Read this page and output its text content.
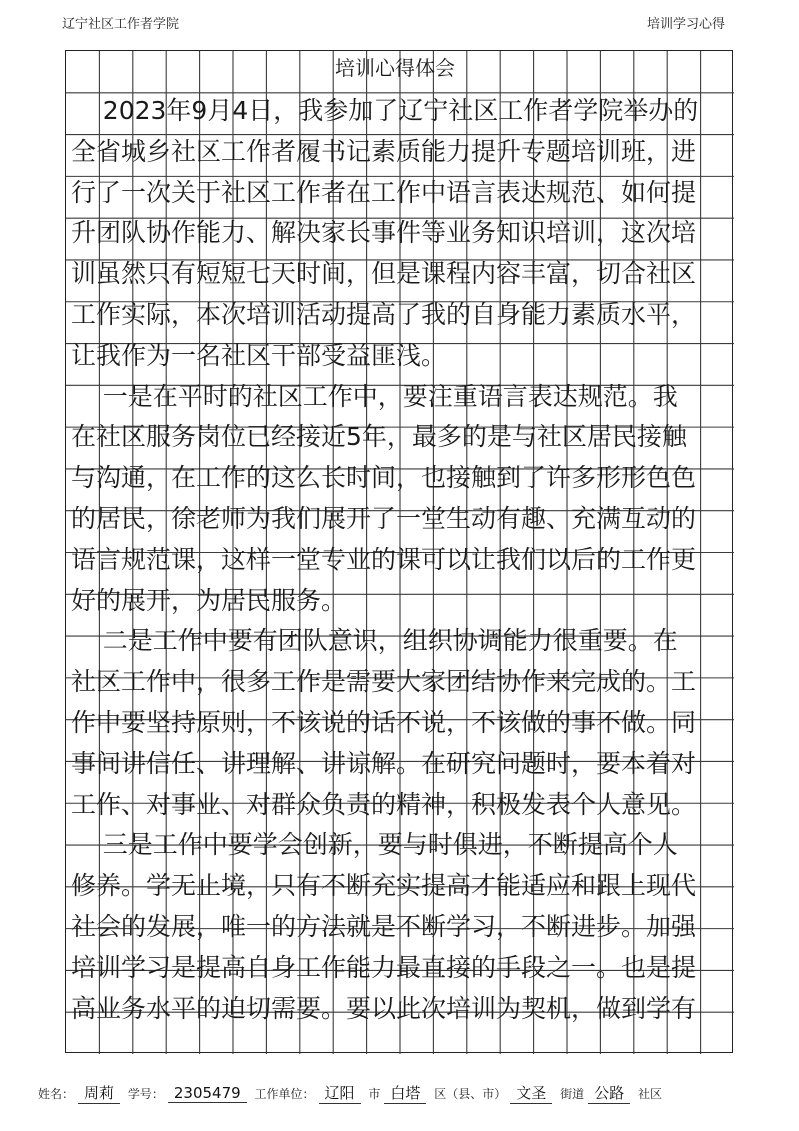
辽宁社区工作者学院	培训学习心得
培训心得体会
2023年9月4日，我参加了辽宁社区工作者学院举办的
全省城乡社区工作者履书记素质能力提升专题培训班，进
行了一次关于社区工作者在工作中语言表达规范、如何提
升团队协作能力、解决家长事件等业务知识培训，这次培
训虽然只有短短七天时间，但是课程内容丰富，切合社区
工作实际，本次培训活动提高了我的自身能力素质水平，
让我作为一名社区干部受益匪浅。
一是在平时的社区工作中，要注重语言表达规范。我
在社区服务岗位已经接近5年，最多的是与社区居民接触
与沟通，在工作的这么长时间，也接触到了许多形形色色
的居民，徐老师为我们展开了一堂生动有趣、充满互动的
语言规范课，这样一堂专业的课可以让我们以后的工作更
好的展开，为居民服务。
二是工作中要有团队意识，组织协调能力很重要。在
社区工作中，很多工作是需要大家团结协作来完成的。工
作中要坚持原则，不该说的话不说，不该做的事不做。同
事间讲信任、讲理解、讲谅解。在研究问题时，要本着对
工作、对事业、对群众负责的精神，积极发表个人意见。
三是工作中要学会创新，要与时俱进，不断提高个人
修养。学无止境，只有不断充实提高才能适应和跟上现代
社会的发展，唯一的方法就是不断学习，不断进步。加强
培训学习是提高自身工作能力最直接的手段之一。也是提
高业务水平的迫切需要。要以此次培训为契机，做到学有
姓名： 周莉 学号： 2305479 工作单位： 辽阳 市 白塔 区（县、市） 文圣 街道 公路 社区
